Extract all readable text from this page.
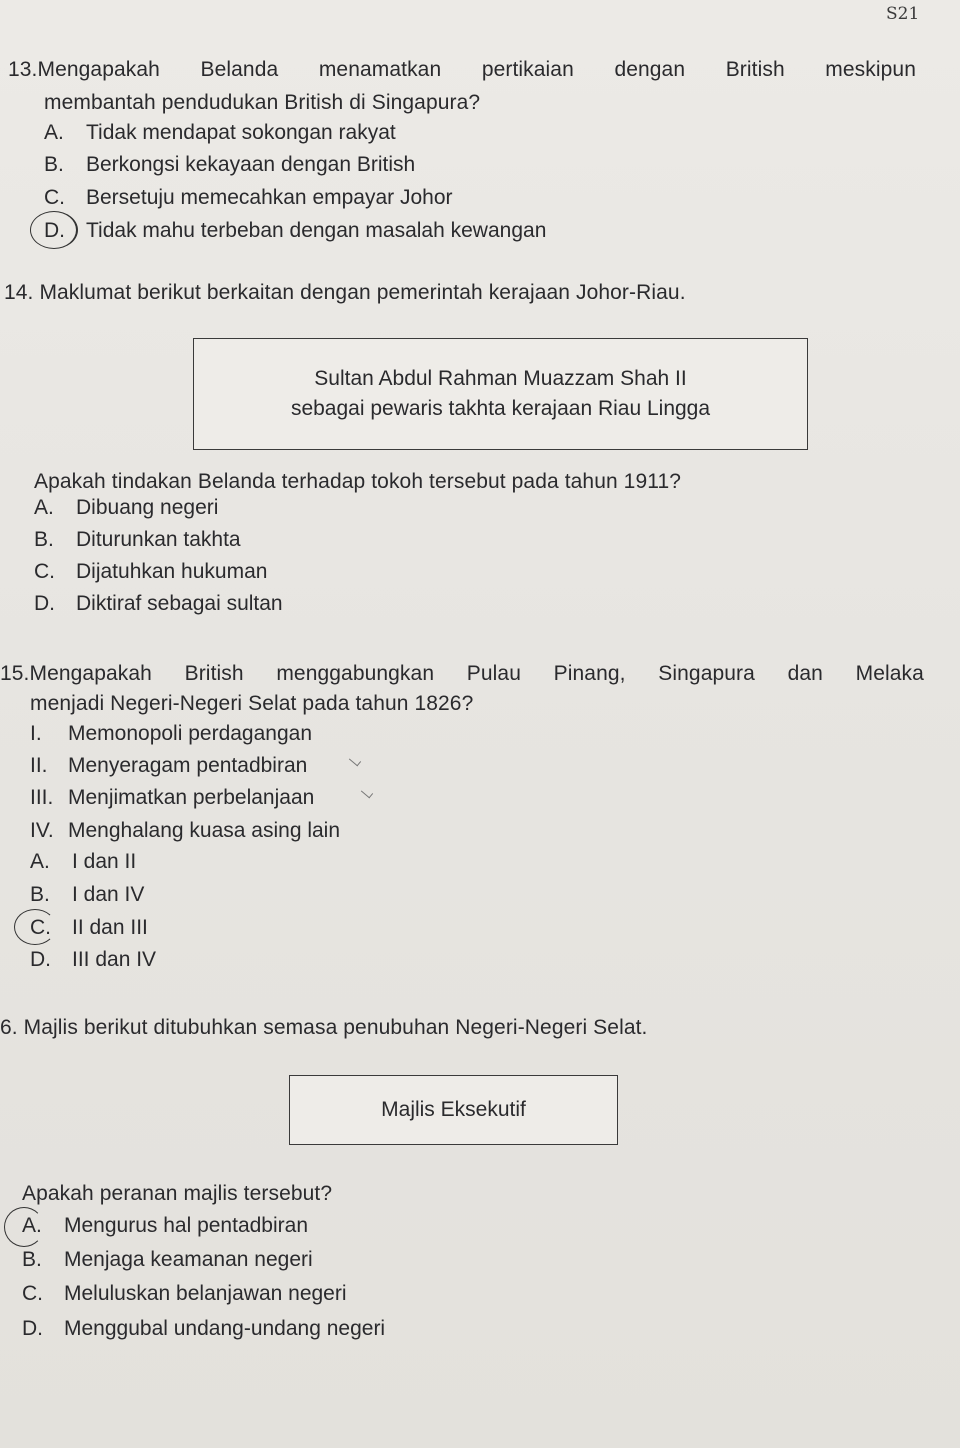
S21
13.Mengapakah Belanda menamatkan pertikaian dengan British meskipun
membantah pendudukan British di Singapura?
A. Tidak mendapat sokongan rakyat
B. Berkongsi kekayaan dengan British
C. Bersetuju memecahkan empayar Johor
D. Tidak mahu terbeban dengan masalah kewangan
14. Maklumat berikut berkaitan dengan pemerintah kerajaan Johor-Riau.
Sultan Abdul Rahman Muazzam Shah II
sebagai pewaris takhta kerajaan Riau Lingga
Apakah tindakan Belanda terhadap tokoh tersebut pada tahun 1911?
A. Dibuang negeri
B. Diturunkan takhta
C. Dijatuhkan hukuman
D. Diktiraf sebagai sultan
15.Mengapakah British menggabungkan Pulau Pinang, Singapura dan Melaka
menjadi Negeri-Negeri Selat pada tahun 1826?
I. Memonopoli perdagangan
II. Menyeragam pentadbiran
III. Menjimatkan perbelanjaan
IV. Menghalang kuasa asing lain
A. I dan II
B. I dan IV
C. II dan III
D. III dan IV
6. Majlis berikut ditubuhkan semasa penubuhan Negeri-Negeri Selat.
Majlis Eksekutif
Apakah peranan majlis tersebut?
A. Mengurus hal pentadbiran
B. Menjaga keamanan negeri
C. Meluluskan belanjawan negeri
D. Menggubal undang-undang negeri
